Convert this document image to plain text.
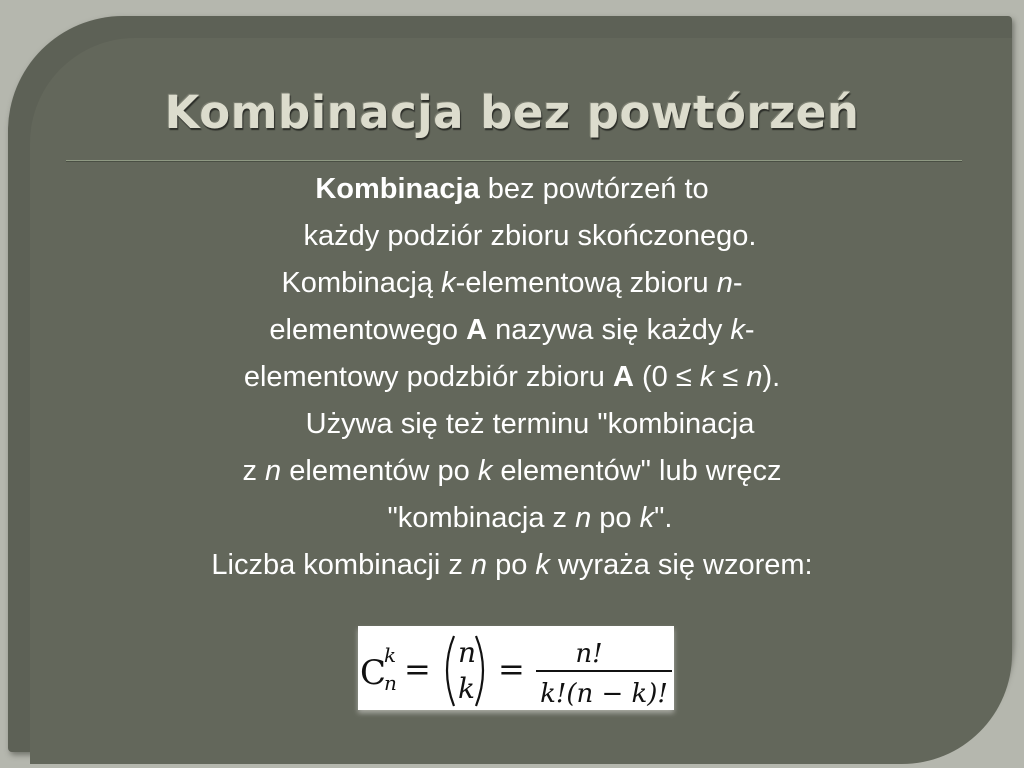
Kombinacja bez powtórzeń
Kombinacja bez powtórzeń to
każdy podziór zbioru skończonego.
Kombinacją k-elementową zbioru n-
elementowego A nazywa się każdy k-
elementowy podzbiór zbioru A (0 ≤ k ≤ n).
Używa się też terminu "kombinacja
z n elementów po k elementów" lub wręcz
"kombinacja z n po k".
Liczba kombinacji z n po k wyraża się wzorem:
C
k
n = n
k
= n!
k!(n − k)!
